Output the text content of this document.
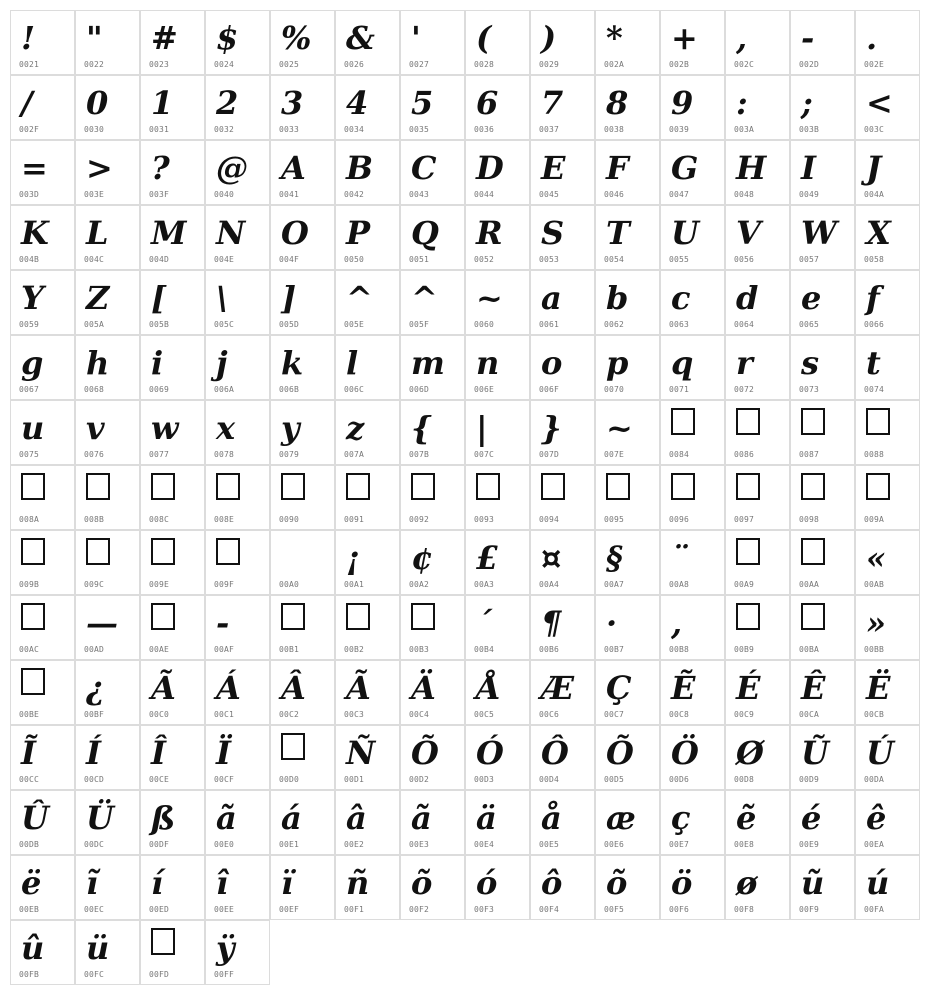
!
0021
"
0022
#
0023
$
0024
%
0025
&
0026
'
0027
(
0028
)
0029
*
002A
+
002B
,
002C
-
002D
.
002E
/
002F
0
0030
1
0031
2
0032
3
0033
4
0034
5
0035
6
0036
7
0037
8
0038
9
0039
:
003A
;
003B
<
003C
=
003D
>
003E
?
003F
@
0040
A
0041
B
0042
C
0043
D
0044
E
0045
F
0046
G
0047
H
0048
I
0049
J
004A
K
004B
L
004C
M
004D
N
004E
O
004F
P
0050
Q
0051
R
0052
S
0053
T
0054
U
0055
V
0056
W
0057
X
0058
Y
0059
Z
005A
[
005B
\
005C
]
005D
^
005E
^
005F
~
0060
a
0061
b
0062
c
0063
d
0064
e
0065
f
0066
g
0067
h
0068
i
0069
j
006A
k
006B
l
006C
m
006D
n
006E
o
006F
p
0070
q
0071
r
0072
s
0073
t
0074
u
0075
v
0076
w
0077
x
0078
y
0079
z
007A
{
007B
|
007C
}
007D
~
007E	0084	0086	0087	0088
008A	008B	008C	008E	0090	0091	0092	0093	0094	0095	0096	0097	0098	009A
009B	009C	009E	009F	00A0
¡
00A1
¢
00A2
£
00A3
¤
00A4
§
00A7
¨
00A8	00A9	00AA
«
00AB
00AC
—
00AD	00AE
-
00AF	00B1	00B2	00B3
´
00B4
¶
00B6
·
00B7
,
00B8	00B9	00BA
»
00BB
00BE
¿
00BF
Ã
00C0
Á
00C1
Â
00C2
Ã
00C3
Ä
00C4
Å
00C5
Æ
00C6
Ç
00C7
Ẽ
00C8
É
00C9
Ê
00CA
Ë
00CB
Ĩ
00CC
Í
00CD
Î
00CE
Ï
00CF	00D0
Ñ
00D1
Õ
00D2
Ó
00D3
Ô
00D4
Õ
00D5
Ö
00D6
Ø
00D8
Ũ
00D9
Ú
00DA
Û
00DB
Ü
00DC
ß
00DF
ã
00E0
á
00E1
â
00E2
ã
00E3
ä
00E4
å
00E5
æ
00E6
ç
00E7
ẽ
00E8
é
00E9
ê
00EA
ë
00EB
ĩ
00EC
í
00ED
î
00EE
ï
00EF
ñ
00F1
õ
00F2
ó
00F3
ô
00F4
õ
00F5
ö
00F6
ø
00F8
ũ
00F9
ú
00FA
û
00FB
ü
00FC	00FD
ÿ
00FF
